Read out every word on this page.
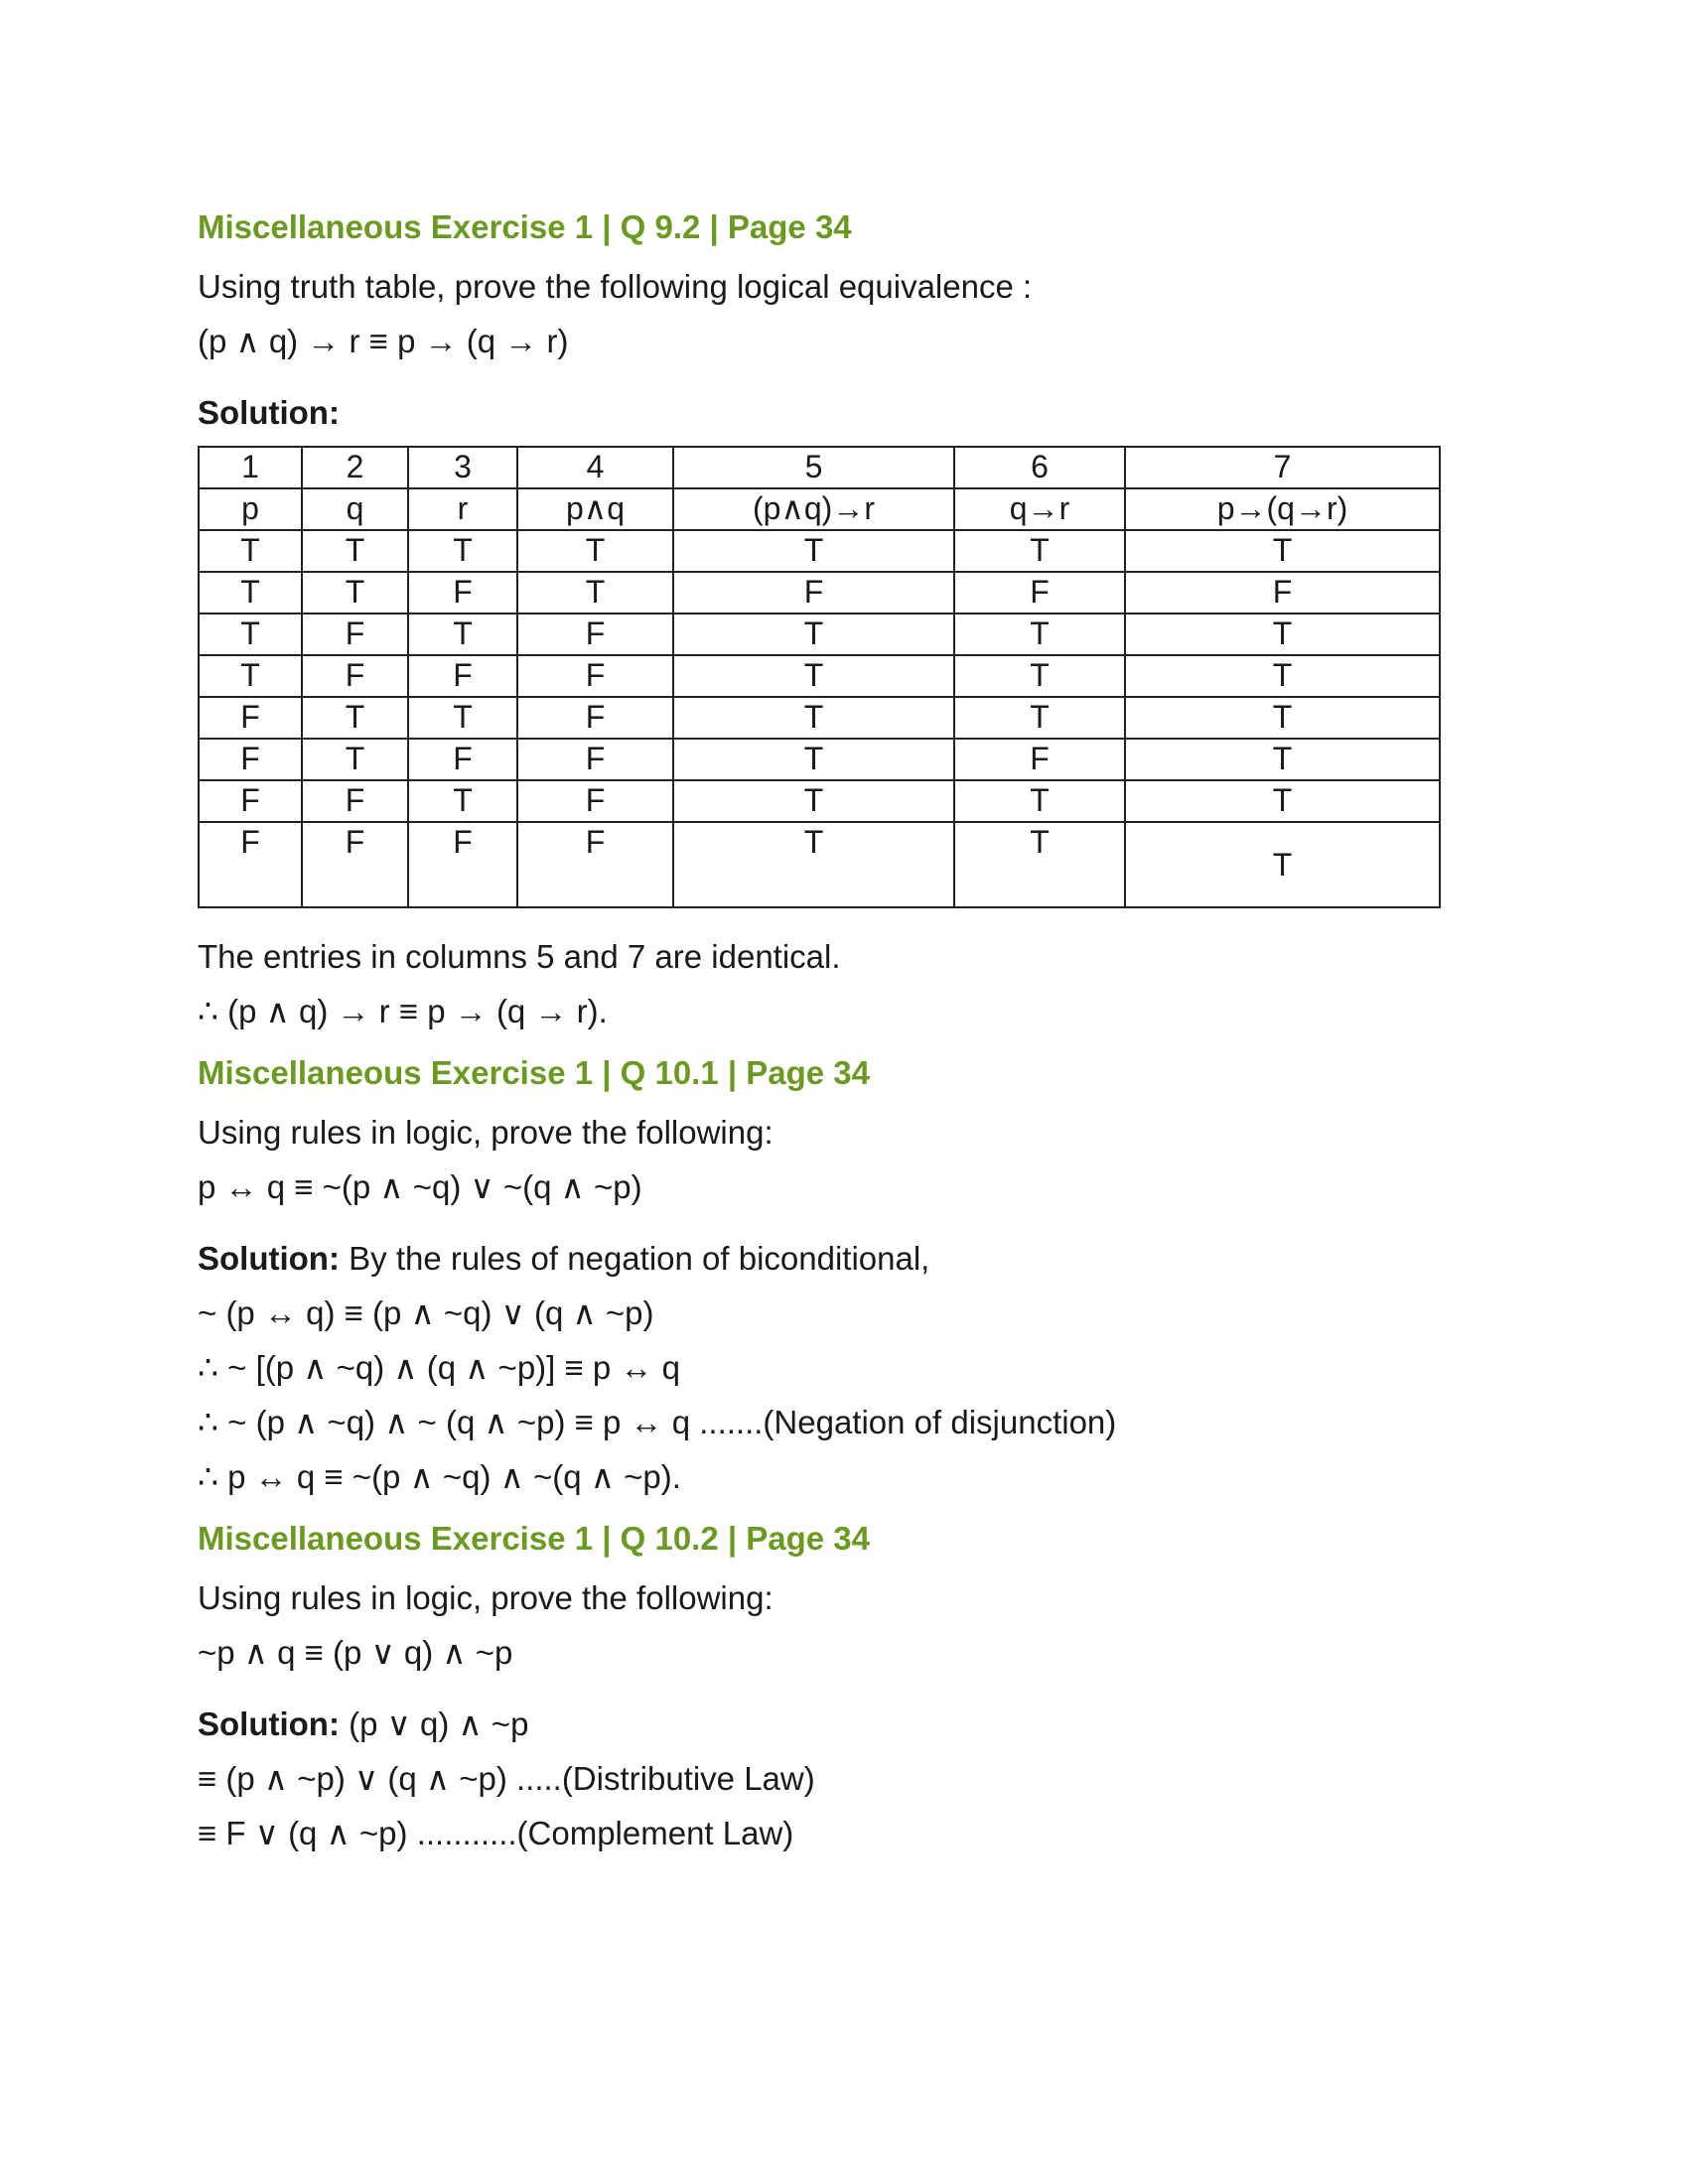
Miscellaneous Exercise 1 | Q 9.2 | Page 34
Using truth table, prove the following logical equivalence :
(p ∧ q) → r ≡ p → (q → r)
Solution:
1	2	3	4	5	6	7
p	q	r	p∧q	(p∧q)→r	q→r	p→(q→r)
T	T	T	T	T	T	T
T	T	F	T	F	F	F
T	F	T	F	T	T	T
T	F	F	F	T	T	T
F	T	T	F	T	T	T
F	T	F	F	T	F	T
F	F	T	F	T	T	T
F	F	F	F	T	T	T
The entries in columns 5 and 7 are identical.
∴ (p ∧ q) → r ≡ p → (q → r).
Miscellaneous Exercise 1 | Q 10.1 | Page 34
Using rules in logic, prove the following:
p ↔ q ≡ ~(p ∧ ~q) ∨ ~(q ∧ ~p)
Solution: By the rules of negation of biconditional,
~ (p ↔ q) ≡ (p ∧ ~q) ∨ (q ∧ ~p)
∴ ~ [(p ∧ ~q) ∧ (q ∧ ~p)] ≡ p ↔ q
∴ ~ (p ∧ ~q) ∧ ~ (q ∧ ~p) ≡ p ↔ q .......(Negation of disjunction)
∴ p ↔ q ≡ ~(p ∧ ~q) ∧ ~(q ∧ ~p).
Miscellaneous Exercise 1 | Q 10.2 | Page 34
Using rules in logic, prove the following:
~p ∧ q ≡ (p ∨ q) ∧ ~p
Solution: (p ∨ q) ∧ ~p
≡ (p ∧ ~p) ∨ (q ∧ ~p) .....(Distributive Law)
≡ F ∨ (q ∧ ~p) ...........(Complement Law)
